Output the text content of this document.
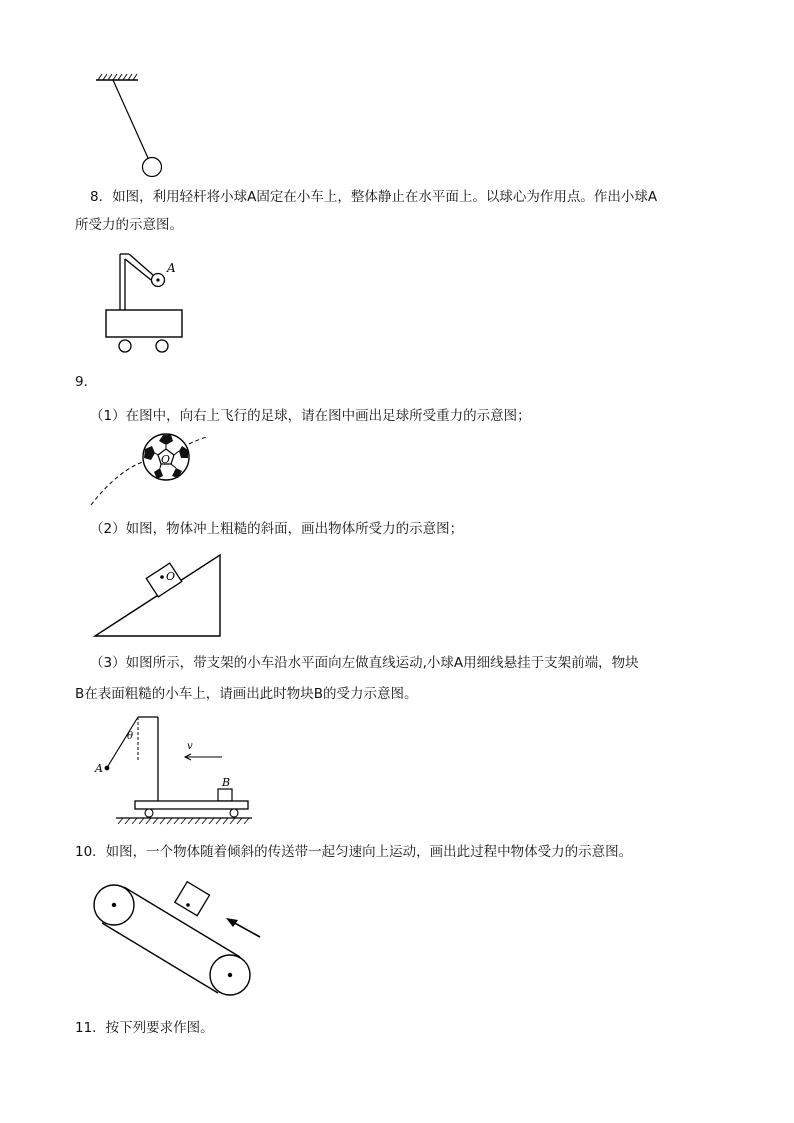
8．如图，利用轻杆将小球A固定在小车上，整体静止在水平面上。以球心为作用点。作出小球A
所受力的示意图。
A
9．
（1）在图中，向右上飞行的足球，请在图中画出足球所受重力的示意图；
O
（2）如图，物体冲上粗糙的斜面，画出物体所受力的示意图；
O
（3）如图所示，带支架的小车沿水平面向左做直线运动,小球A用细线悬挂于支架前端，物块
B在表面粗糙的小车上，请画出此时物块B的受力示意图。
θ
A
v
B
10．如图，一个物体随着倾斜的传送带一起匀速向上运动，画出此过程中物体受力的示意图。
11．按下列要求作图。
